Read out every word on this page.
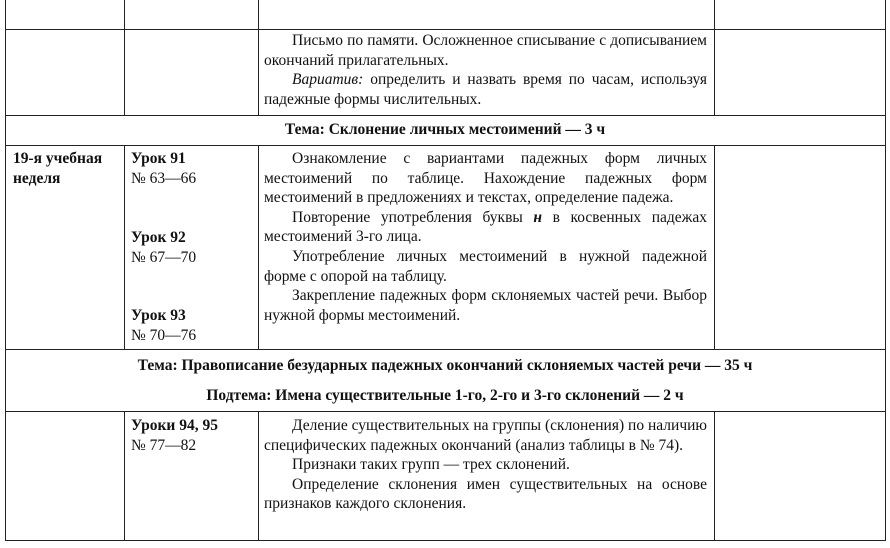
Письмо по памяти. Осложненное списывание с дописыванием окончаний прилагательных.

Вариатив: определить и назвать время по часам, используя падежные формы числительных.

Тема: Склонение личных местоимений — 3 ч
19-я учебная неделя
Урок 91
№ 63—66
Урок 92
№ 67—70
Урок 93
№ 70—76

Ознакомление с вариантами падежных форм личных местоимений по таблице. Нахождение падежных форм местоимений в предложениях и текстах, определение падежа.

Повторение употребления буквы н в косвенных падежах местоимений 3-го лица.

Употребление личных местоимений в нужной падежной форме с опорой на таблицу.

Закрепление падежных форм склоняемых частей речи. Выбор нужной формы местоимений.

Тема: Правописание безударных падежных окончаний склоняемых частей речи — 35 ч
Подтема: Имена существительные 1-го, 2-го и 3-го склонений — 2 ч
Уроки 94, 95
№ 77—82

Деление существительных на группы (склонения) по наличию специфических падежных окончаний (анализ таблицы в № 74).

Признаки таких групп — трех склонений.

Определение склонения имен существительных на основе признаков каждого склонения.
